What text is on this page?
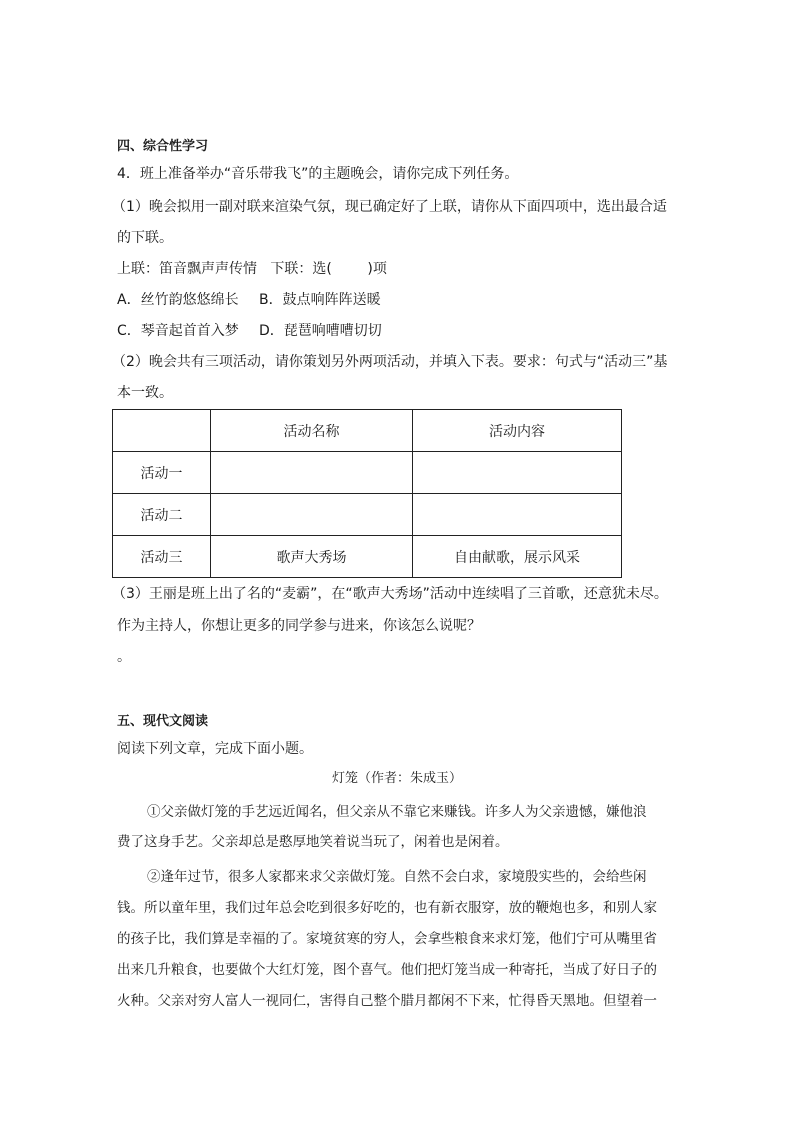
四、综合性学习
4．班上准备举办“音乐带我飞”的主题晚会，请你完成下列任务。
（1）晚会拟用一副对联来渲染气氛，现已确定好了上联，请你从下面四项中，选出最合适
的下联。
上联：笛音飘声声传情   下联：选(        )项
A．丝竹韵悠悠绵长 B．鼓点响阵阵送暖
C．琴音起首首入梦 D．琵琶响嘈嘈切切
（2）晚会共有三项活动，请你策划另外两项活动，并填入下表。要求：句式与“活动三”基
本一致。
	活动名称	活动内容
活动一		
活动二		
活动三	歌声大秀场	自由献歌，展示风采
（3）王丽是班上出了名的“麦霸”，在“歌声大秀场”活动中连续唱了三首歌，还意犹未尽。
作为主持人，你想让更多的同学参与进来，你该怎么说呢？
。
五、现代文阅读
阅读下列文章，完成下面小题。
灯笼（作者：朱成玉）
①父亲做灯笼的手艺远近闻名，但父亲从不靠它来赚钱。许多人为父亲遗憾，嫌他浪
费了这身手艺。父亲却总是憨厚地笑着说当玩了，闲着也是闲着。
②逢年过节，很多人家都来求父亲做灯笼。自然不会白求，家境殷实些的，会给些闲
钱。所以童年里，我们过年总会吃到很多好吃的，也有新衣服穿，放的鞭炮也多，和别人家
的孩子比，我们算是幸福的了。家境贫寒的穷人，会拿些粮食来求灯笼，他们宁可从嘴里省
出来几升粮食，也要做个大红灯笼，图个喜气。他们把灯笼当成一种寄托，当成了好日子的
火种。父亲对穷人富人一视同仁，害得自己整个腊月都闲不下来，忙得昏天黑地。但望着一
